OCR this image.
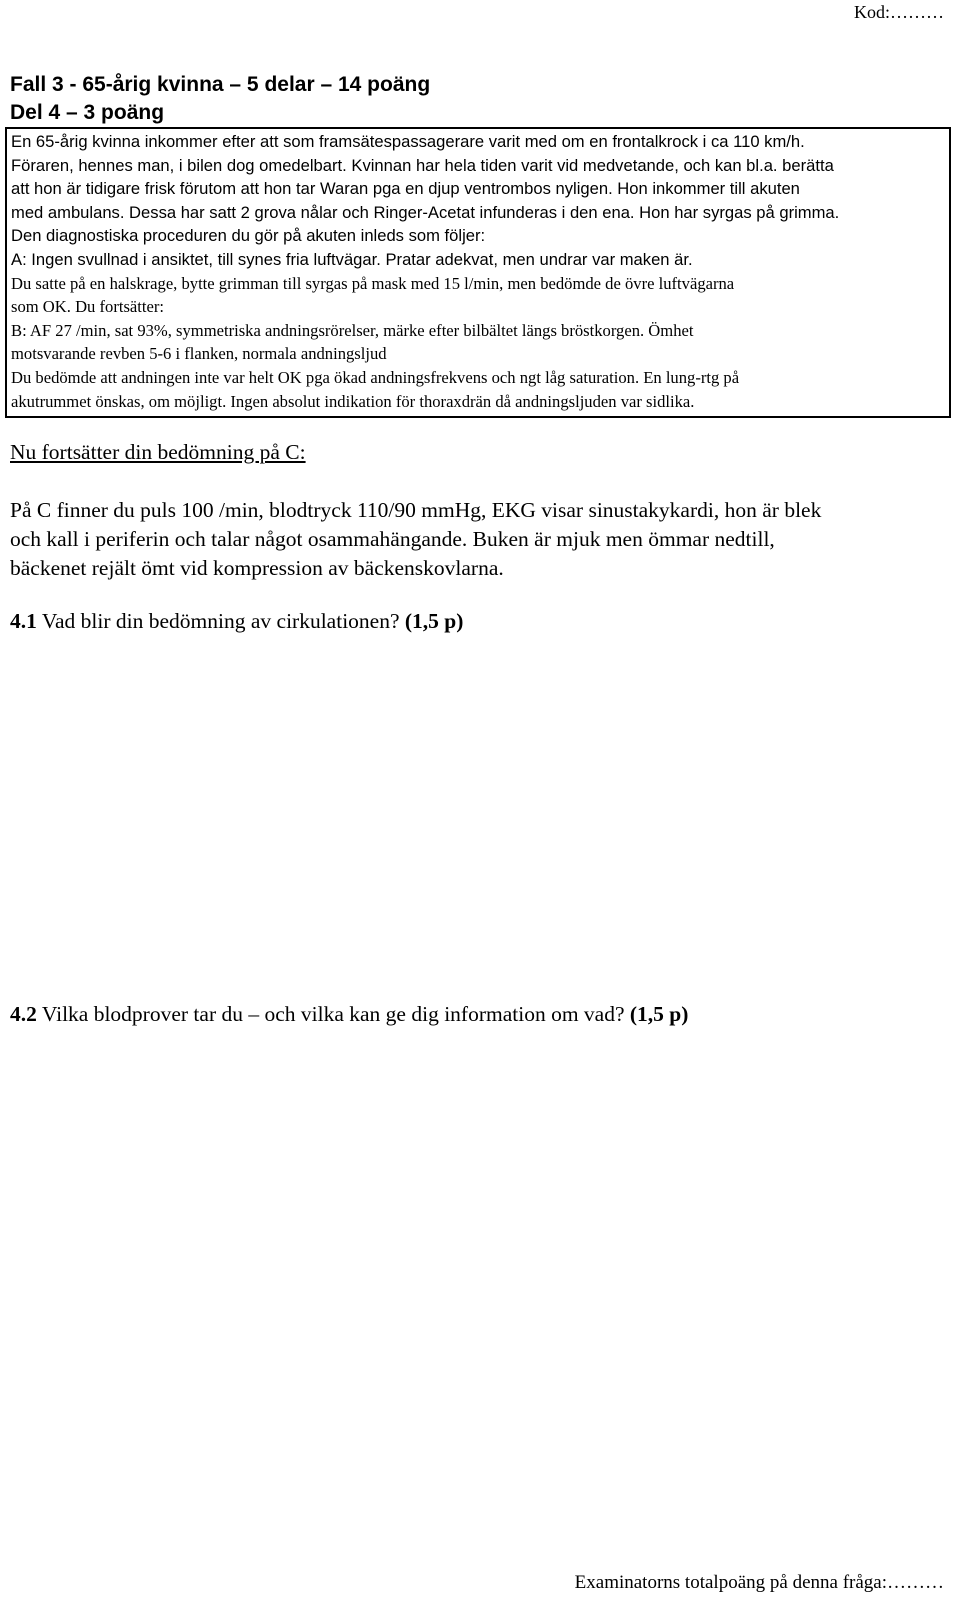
Kod:………
Fall 3 - 65-årig kvinna – 5 delar – 14 poäng
Del 4 – 3 poäng
En 65-årig kvinna inkommer efter att som framsätespassagerare varit med om en frontalkrock i ca 110 km/h.
Föraren, hennes man, i bilen dog omedelbart. Kvinnan har hela tiden varit vid medvetande, och kan bl.a. berätta
att hon är tidigare frisk förutom att hon tar Waran pga en djup ventrombos nyligen. Hon inkommer till akuten
med ambulans. Dessa har satt 2 grova nålar och Ringer-Acetat infunderas i den ena. Hon har syrgas på grimma.
Den diagnostiska proceduren du gör på akuten inleds som följer:
A: Ingen svullnad i ansiktet, till synes fria luftvägar. Pratar adekvat, men undrar var maken är.
Du satte på en halskrage, bytte grimman till syrgas på mask med 15 l/min, men bedömde de övre luftvägarna
som OK. Du fortsätter:
B: AF 27 /min, sat 93%, symmetriska andningsrörelser, märke efter bilbältet längs bröstkorgen. Ömhet
motsvarande revben 5-6 i flanken, normala andningsljud
Du bedömde att andningen inte var helt OK pga ökad andningsfrekvens och ngt låg saturation. En lung-rtg på
akutrummet önskas, om möjligt. Ingen absolut indikation för thoraxdrän då andningsljuden var sidlika.
Nu fortsätter din bedömning på C:
På C finner du puls 100 /min, blodtryck 110/90 mmHg, EKG visar sinustakykardi, hon är blek
och kall i periferin och talar något osammahängande. Buken är mjuk men ömmar nedtill,
bäckenet rejält ömt vid kompression av bäckenskovlarna.
4.1 Vad blir din bedömning av cirkulationen? (1,5 p)
4.2 Vilka blodprover tar du – och vilka kan ge dig information om vad? (1,5 p)
Examinatorns totalpoäng på denna fråga:………
